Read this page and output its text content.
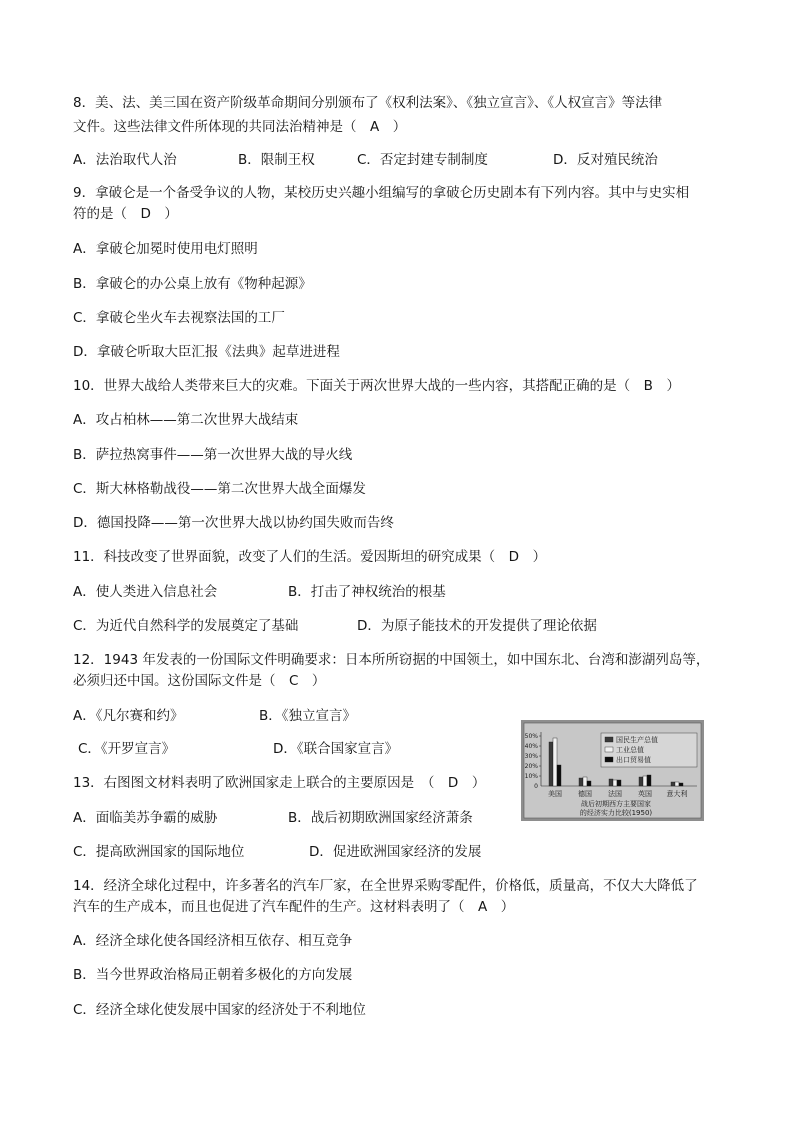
8．美、法、美三国在资产阶级革命期间分别颁布了《权利法案》、《独立宣言》、《人权宣言》等法律
文件。这些法律文件所体现的共同法治精神是（　A　）
A．法治取代人治	B．限制王权	C．否定封建专制制度	D．反对殖民统治
9．拿破仑是一个备受争议的人物，某校历史兴趣小组编写的拿破仑历史剧本有下列内容。其中与史实相
符的是（　D　）
A．拿破仑加冕时使用电灯照明
B．拿破仑的办公桌上放有《物种起源》
C．拿破仑坐火车去视察法国的工厂
D．拿破仑听取大臣汇报《法典》起草进进程
10．世界大战给人类带来巨大的灾难。下面关于两次世界大战的一些内容，其搭配正确的是（　B　）
A．攻占柏林——第二次世界大战结束
B．萨拉热窝事件——第一次世界大战的导火线
C．斯大林格勒战役——第二次世界大战全面爆发
D．德国投降——第一次世界大战以协约国失败而告终
11．科技改变了世界面貌，改变了人们的生活。爱因斯坦的研究成果（　D　）
A．使人类进入信息社会	B．打击了神权统治的根基
C．为近代自然科学的发展奠定了基础	D．为原子能技术的开发提供了理论依据
12．1943 年发表的一份国际文件明确要求：日本所所窃据的中国领土，如中国东北、台湾和澎湖列岛等，
必须归还中国。这份国际文件是（　C　）
A．《凡尔赛和约》	B．《独立宣言》
C．《开罗宣言》	D．《联合国家宣言》
13．右图图文材料表明了欧洲国家走上联合的主要原因是　（　D　）
A．面临美苏争霸的威胁	B．战后初期欧洲国家经济萧条
C．提高欧洲国家的国际地位	D．促进欧洲国家经济的发展
14．经济全球化过程中，许多著名的汽车厂家，在全世界采购零配件，价格低，质量高，不仅大大降低了
汽车的生产成本，而且也促进了汽车配件的生产。这材料表明了（　A　）
A．经济全球化使各国经济相互依存、相互竞争
B．当今世界政治格局正朝着多极化的方向发展
C．经济全球化使发展中国家的经济处于不利地位
50%
40%
30%
20%
10%
0
国民生产总值
工业总值
出口贸易值
美国 德国 法国 英国 意大利
战后初期西方主要国家
的经济实力比较(1950)
